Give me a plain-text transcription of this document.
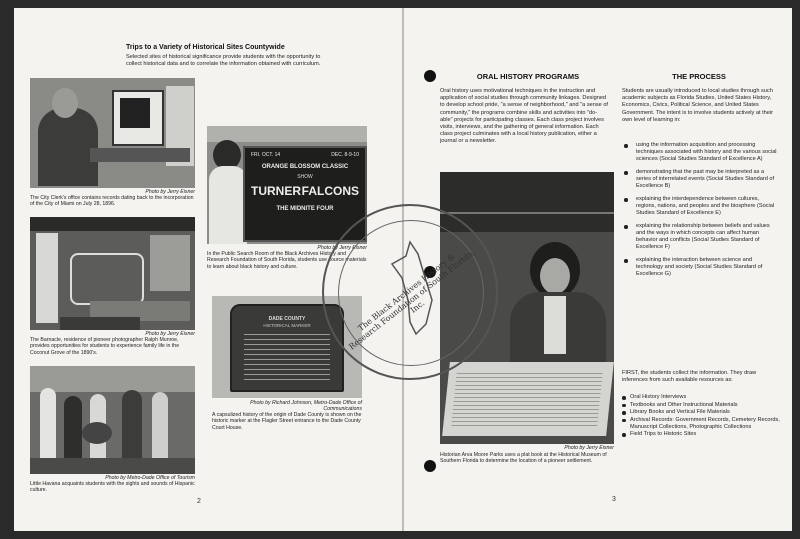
Trips to a Variety of Historical Sites Countywide
Selected sites of historical significance provide students with the opportunity to collect historical data and to correlate the information obtained with curriculum.
Photo by Jerry Eisner
The City Clerk's office contains records dating back to the incorporation of the City of Miami on July 28, 1896.
Photo by Jerry Eisner
The Barnacle, residence of pioneer photographer Ralph Munroe, provides opportunities for students to experience family life in the Coconut Grove of the 1890's.
Photo by Metro-Dade Office of Tourism
Little Havana acquaints students with the sights and sounds of Hispanic culture.
FRI. OCT. 14	DEC. 8-9-10
ORANGE BLOSSOM CLASSIC
SHOW
TURNER FALCONS
THE MIDNITE FOUR
Photo by Jerry Eisner
In the Public Search Room of the Black Archives History and Research Foundation of South Florida, students use source materials to learn about black history and culture.
DADE COUNTY
HISTORICAL MARKER
Photo by Richard Johnson, Metro-Dade Office of Communications
A capsulized history of the origin of Dade County is shown on the historic marker at the Flagler Street entrance to the Dade County Court House.
2
ORAL HISTORY PROGRAMS
Oral history uses motivational techniques in the instruction and application of social studies through community linkages. Designed to develop school pride, "a sense of neighborhood," and "a sense of community," the programs combine skills and activities into "do-able" projects for participating classes. Each class project involves visits, interviews, and the gathering of general information. Each class project culminates with a local history publication, either a journal or a newsletter.
THE PROCESS
Students are usually introduced to local studies through such academic subjects as Florida Studies, United States History, Economics, Civics, Political Science, and United States Government. The intent is to involve students actively at their own level of learning in:
using the information acquisition and processing techniques associated with history and the various social sciences (Social Studies Standard of Excellence A)
demonstrating that the past may be interpreted as a series of interrelated events (Social Studies Standard of Excellence B)
explaining the interdependence between cultures, regions, nations, and peoples and the biosphere (Social Studies Standard of Excellence E)
explaining the relationship between beliefs and values and the ways in which concepts can affect human behavior and conflicts (Social Studies Standard of Excellence F)
explaining the interaction between science and technology and society (Social Studies Standard of Excellence G)
FIRST, the students collect the information. They draw inferences from such available resources as:
Oral History Interviews
Textbooks and Other Instructional Materials
Library Books and Vertical File Materials
Archival Records: Government Records, Cemetery Records, Manuscript Collections, Photographic Collections
Field Trips to Historic Sites
Photo by Jerry Eisner
Historian Arva Moore Parks uses a plat book at the Historical Museum of Southern Florida to determine the location of a pioneer settlement.
3
The Black Archives History & Research Foundation of South Florida, Inc.
